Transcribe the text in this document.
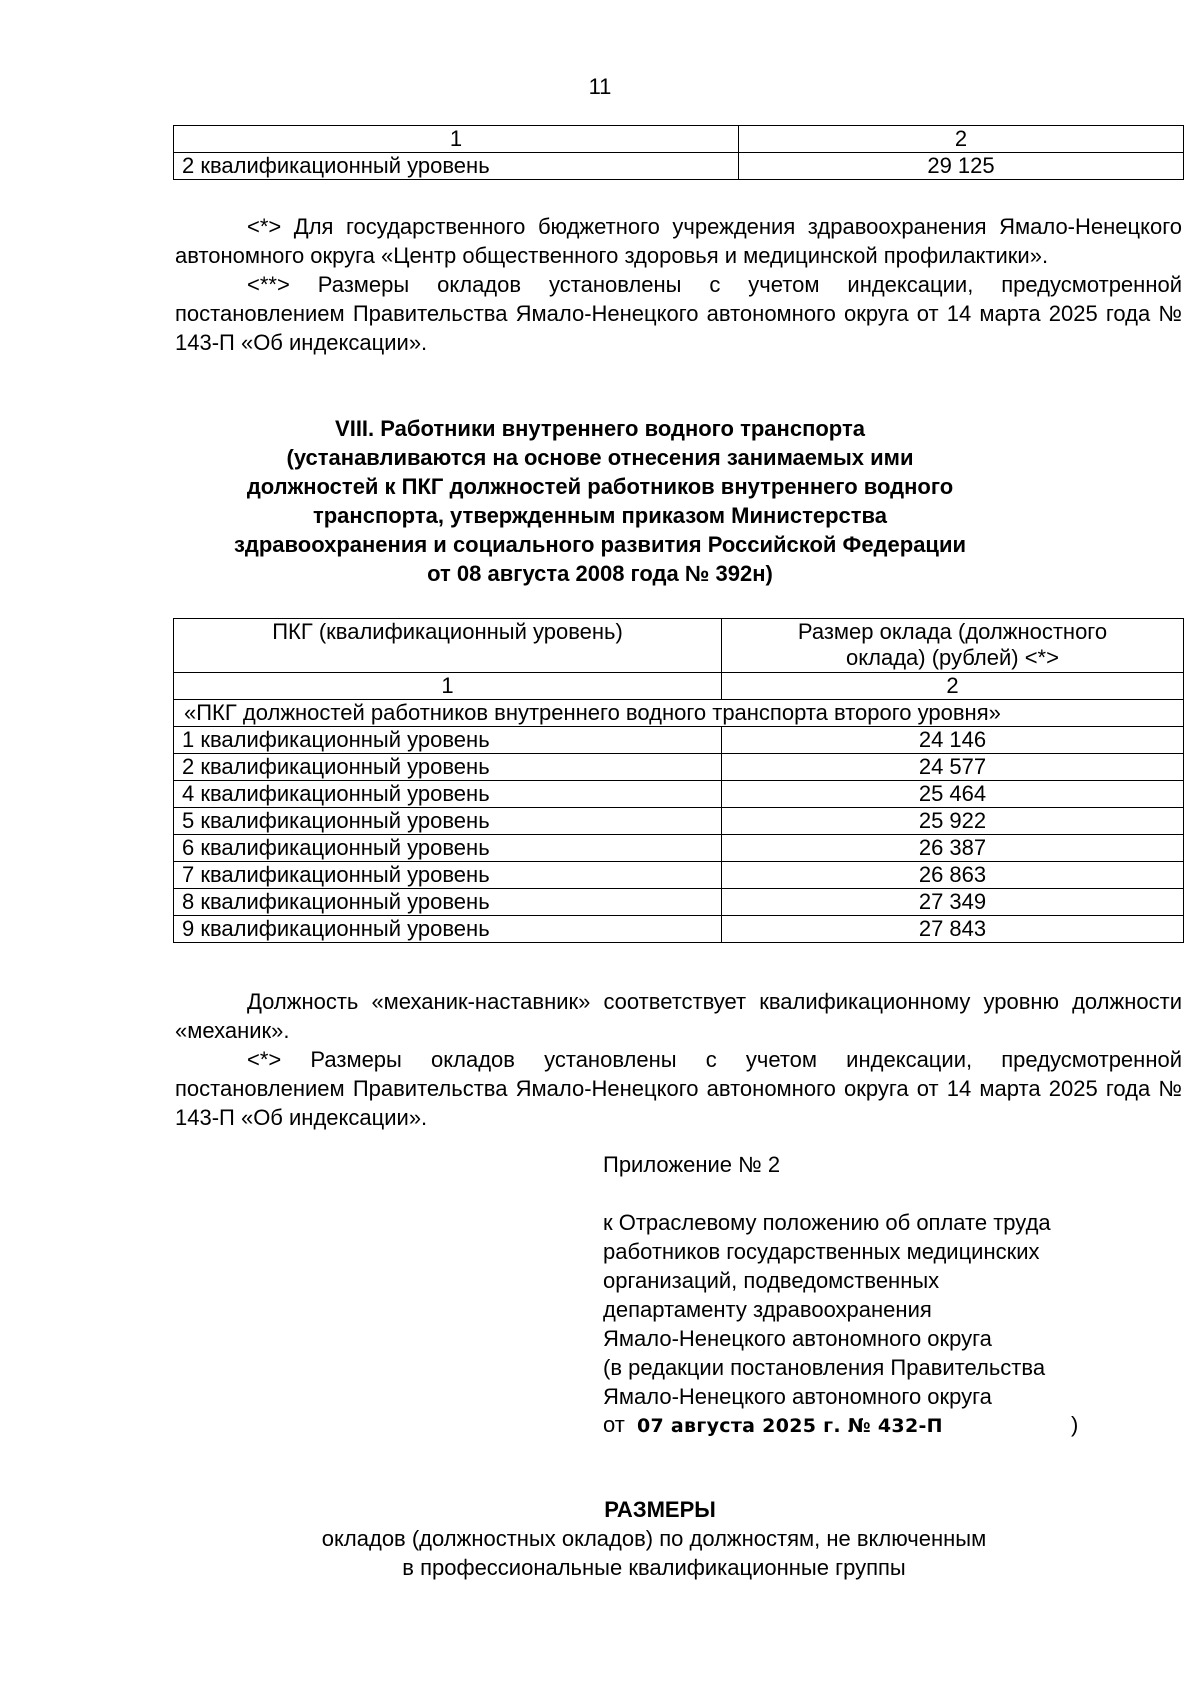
11
1	2
2 квалификационный уровень	29 125

<*> Для государственного бюджетного учреждения здравоохранения Ямало-Ненецкого автономного округа «Центр общественного здоровья и медицинской профилактики».

<**> Размеры окладов установлены с учетом индексации, предусмотренной постановлением Правительства Ямало-Ненецкого автономного округа от 14 марта 2025 года № 143-П «Об индексации».

VIII. Работники внутреннего водного транспорта
(устанавливаются на основе отнесения занимаемых ими
должностей к ПКГ должностей работников внутреннего водного
транспорта, утвержденным приказом Министерства
здравоохранения и социального развития Российской Федерации
от 08 августа 2008 года № 392н)
ПКГ (квалификационный уровень)	Размер оклада (должностного оклада) (рублей) <*>
1	2
«ПКГ должностей работников внутреннего водного транспорта второго уровня»	
1 квалификационный уровень	24 146
2 квалификационный уровень	24 577
4 квалификационный уровень	25 464
5 квалификационный уровень	25 922
6 квалификационный уровень	26 387
7 квалификационный уровень	26 863
8 квалификационный уровень	27 349
9 квалификационный уровень	27 843

Должность «механик-наставник» соответствует квалификационному уровню должности «механик».

<*> Размеры окладов установлены с учетом индексации, предусмотренной постановлением Правительства Ямало-Ненецкого автономного округа от 14 марта 2025 года № 143-П «Об индексации».

Приложение № 2
к Отраслевому положению об оплате труда
работников государственных медицинских
организаций, подведомственных
департаменту здравоохранения
Ямало-Ненецкого автономного округа
(в редакции постановления Правительства
Ямало-Ненецкого автономного округа
от 07 августа 2025 г. № 432-П	)
РАЗМЕРЫ
окладов (должностных окладов) по должностям, не включенным
в профессиональные квалификационные группы
